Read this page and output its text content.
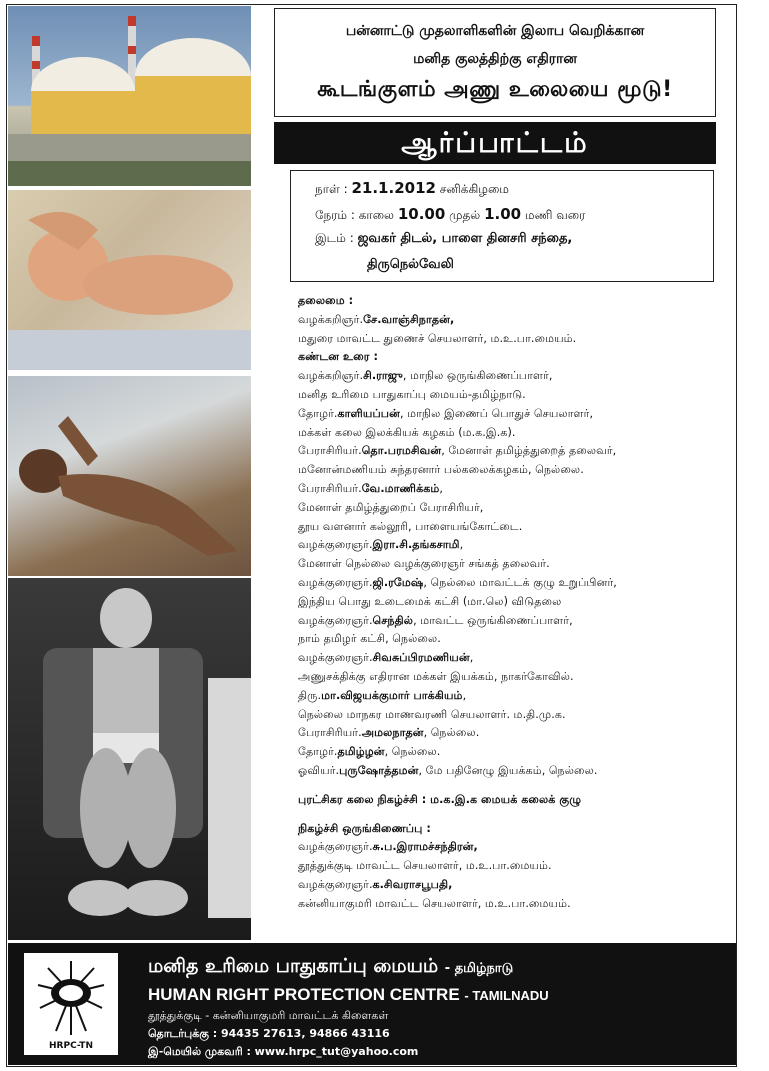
பன்னாட்டு முதலாளிகளின் இலாப வெறிக்கான
மனித குலத்திற்கு எதிரான
கூடங்குளம் அணு உலையை மூடு!
ஆர்ப்பாட்டம்
நாள் : 21.1.2012 சனிக்கிழமை
நேரம் : காலை 10.00 முதல் 1.00 மணி வரை
இடம் : ஜவகர் திடல், பாளை தினசரி சந்தை,
திருநெல்வேலி
தலைமை :
வழக்கறிஞர்.சே.வாஞ்சிநாதன்,
மதுரை மாவட்ட துணைச் செயலாளர், ம.உ.பா.மையம்.
கண்டன உரை :
வழக்கறிஞர்.சி.ராஜு, மாநில ஒருங்கிணைப்பாளர்,
மனித உரிமை பாதுகாப்பு மையம்-தமிழ்நாடு.
தோழர்.காளியப்பன், மாநில இணைப் பொதுச் செயலாளர்,
மக்கள் கலை இலக்கியக் கழகம் (ம.க.இ.க).
பேராசிரியர்.தொ.பரமசிவன், மேனாள் தமிழ்த்துறைத் தலைவர்,
மனோன்மணியம் சுந்தரனார் பல்கலைக்கழகம், நெல்லை.
பேராசிரியர்.வே.மாணிக்கம்,
மேனாள் தமிழ்த்துறைப் பேராசிரியர்,
தூய வளனார் கல்லூரி, பாளையங்கோட்டை.
வழக்குரைஞர்.இரா.சி.தங்கசாமி,
மேனாள் நெல்லை வழக்குரைஞர் சங்கத் தலைவர்.
வழக்குரைஞர்.ஜி.ரமேஷ், நெல்லை மாவட்டக் குழு உறுப்பினர்,
இந்திய பொது உடைமைக் கட்சி (மா.லெ) விடுதலை
வழக்குரைஞர்.செந்தில், மாவட்ட ஒருங்கிணைப்பாளர்,
நாம் தமிழர் கட்சி, நெல்லை.
வழக்குரைஞர்.சிவசுப்பிரமணியன்,
அணுசக்திக்கு எதிரான மக்கள் இயக்கம், நாகர்கோவில்.
திரு.மா.விஜயக்குமார் பாக்கியம்,
நெல்லை மாநகர மாணவரணி செயலாளர். ம.தி.மு.க.
பேராசிரியர்.அமலநாதன், நெல்லை.
தோழர்.தமிழ்ழன், நெல்லை.
ஓவியர்.புருஷோத்தமன், மே பதினேழு இயக்கம், நெல்லை.
புரட்சிகர கலை நிகழ்ச்சி : ம.க.இ.க மையக் கலைக் குழு
நிகழ்ச்சி ஒருங்கிணைப்பு :
வழக்குரைஞர்.சு.ப.இராமச்சந்திரன்,
தூத்துக்குடி மாவட்ட செயலாளர், ம.உ.பா.மையம்.
வழக்குரைஞர்.க.சிவராசபூபதி,
கன்னியாகுமரி மாவட்ட செயலாளர், ம.உ.பா.மையம்.
HRPC-TN
மனித உரிமை பாதுகாப்பு மையம் - தமிழ்நாடு
HUMAN RIGHT PROTECTION CENTRE - TAMILNADU
தூத்துக்குடி - கன்னியாகுமரி மாவட்டக் கிளைகள்
தொடர்புக்கு : 94435 27613, 94866 43116
இ-மெயில் முகவரி : www.hrpc_tut@yahoo.com
